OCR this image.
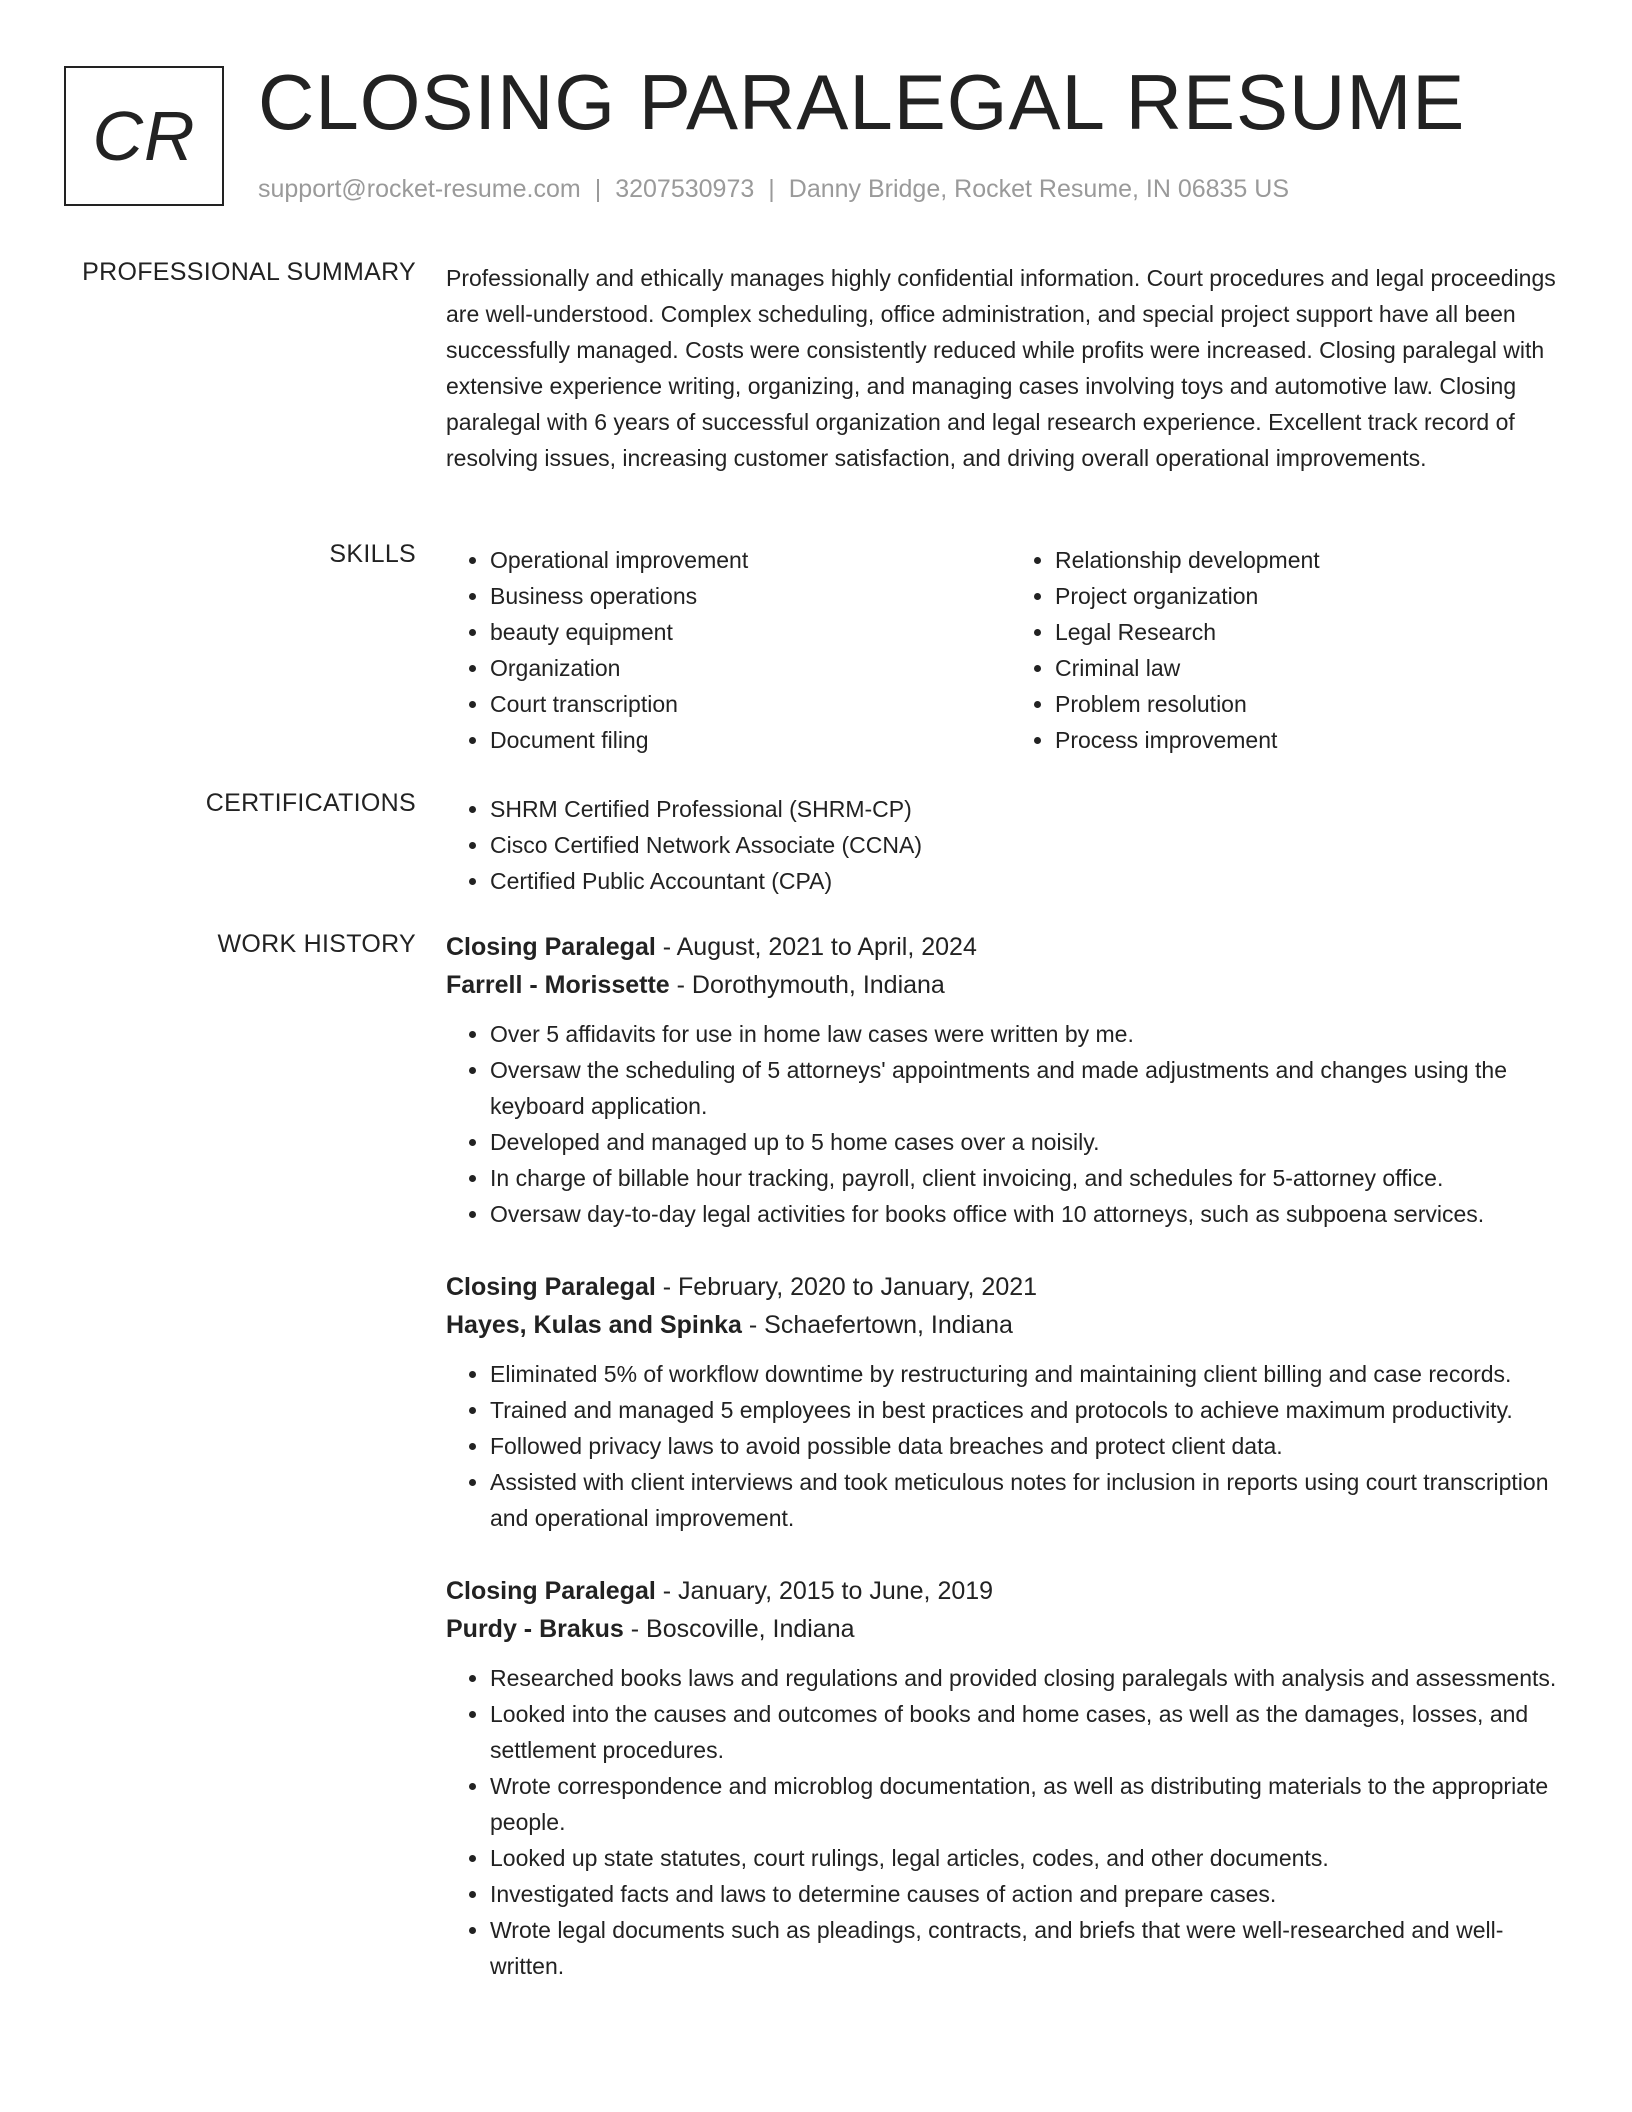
CR CLOSING PARALEGAL RESUME
support@rocket-resume.com | 3207530973 | Danny Bridge, Rocket Resume, IN 06835 US
PROFESSIONAL SUMMARY Professionally and ethically manages highly confidential information. Court procedures and legal proceedings are well-understood. Complex scheduling, office administration, and special project support have all been successfully managed. Costs were consistently reduced while profits were increased. Closing paralegal with extensive experience writing, organizing, and managing cases involving toys and automotive law. Closing paralegal with 6 years of successful organization and legal research experience. Excellent track record of resolving issues, increasing customer satisfaction, and driving overall operational improvements.

SKILLS	• Operational improvement
• Business operations
• beauty equipment
• Organization
• Court transcription
• Document filing
• Relationship development
• Project organization
• Legal Research
• Criminal law
• Problem resolution
• Process improvement
CERTIFICATIONS	• SHRM Certified Professional (SHRM-CP)
• Cisco Certified Network Associate (CCNA)
• Certified Public Accountant (CPA)
WORK HISTORY Closing Paralegal - August, 2021 to April, 2024
Farrell - Morissette - Dorothymouth, Indiana
• Over 5 affidavits for use in home law cases were written by me.
• Oversaw the scheduling of 5 attorneys' appointments and made adjustments and changes using the keyboard application.
• Developed and managed up to 5 home cases over a noisily.
• In charge of billable hour tracking, payroll, client invoicing, and schedules for 5-attorney office.
• Oversaw day-to-day legal activities for books office with 10 attorneys, such as subpoena services.
Closing Paralegal - February, 2020 to January, 2021
Hayes, Kulas and Spinka - Schaefertown, Indiana
• Eliminated 5% of workflow downtime by restructuring and maintaining client billing and case records.
• Trained and managed 5 employees in best practices and protocols to achieve maximum productivity.
• Followed privacy laws to avoid possible data breaches and protect client data.
• Assisted with client interviews and took meticulous notes for inclusion in reports using court transcription and operational improvement.
Closing Paralegal - January, 2015 to June, 2019
Purdy - Brakus - Boscoville, Indiana
• Researched books laws and regulations and provided closing paralegals with analysis and assessments.
• Looked into the causes and outcomes of books and home cases, as well as the damages, losses, and settlement procedures.
• Wrote correspondence and microblog documentation, as well as distributing materials to the appropriate people.
• Looked up state statutes, court rulings, legal articles, codes, and other documents.
• Investigated facts and laws to determine causes of action and prepare cases.
• Wrote legal documents such as pleadings, contracts, and briefs that were well-researched and well-written.
